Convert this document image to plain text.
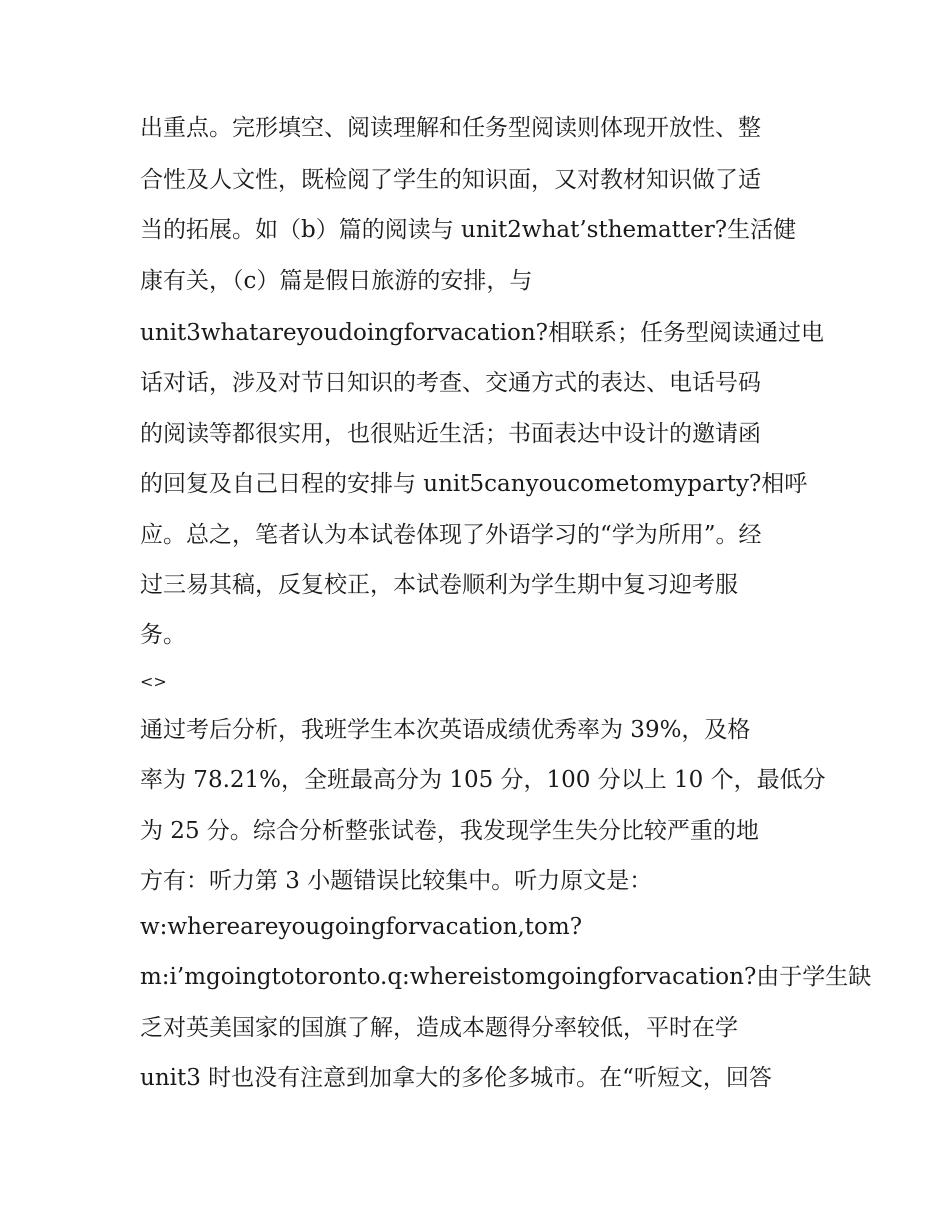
出重点。完形填空、阅读理解和任务型阅读则体现开放性、整
合性及人文性，既检阅了学生的知识面，又对教材知识做了适
当的拓展。如（b）篇的阅读与 unit2what’sthematter?生活健
康有关，（c）篇是假日旅游的安排，与
unit3whatareyoudoingforvacation?相联系；任务型阅读通过电
话对话，涉及对节日知识的考查、交通方式的表达、电话号码
的阅读等都很实用，也很贴近生活；书面表达中设计的邀请函
的回复及自己日程的安排与 unit5canyoucometomyparty?相呼
应。总之，笔者认为本试卷体现了外语学习的“学为所用”。经
过三易其稿，反复校正，本试卷顺利为学生期中复习迎考服
务。
<>
通过考后分析，我班学生本次英语成绩优秀率为 39%，及格
率为 78.21%，全班最高分为 105 分，100 分以上 10 个，最低分
为 25 分。综合分析整张试卷，我发现学生失分比较严重的地
方有：听力第 3 小题错误比较集中。听力原文是：
w:whereareyougoingforvacation,tom?
m:i’mgoingtotoronto.q:whereistomgoingforvacation?由于学生缺
乏对英美国家的国旗了解，造成本题得分率较低，平时在学
unit3 时也没有注意到加拿大的多伦多城市。在“听短文，回答
